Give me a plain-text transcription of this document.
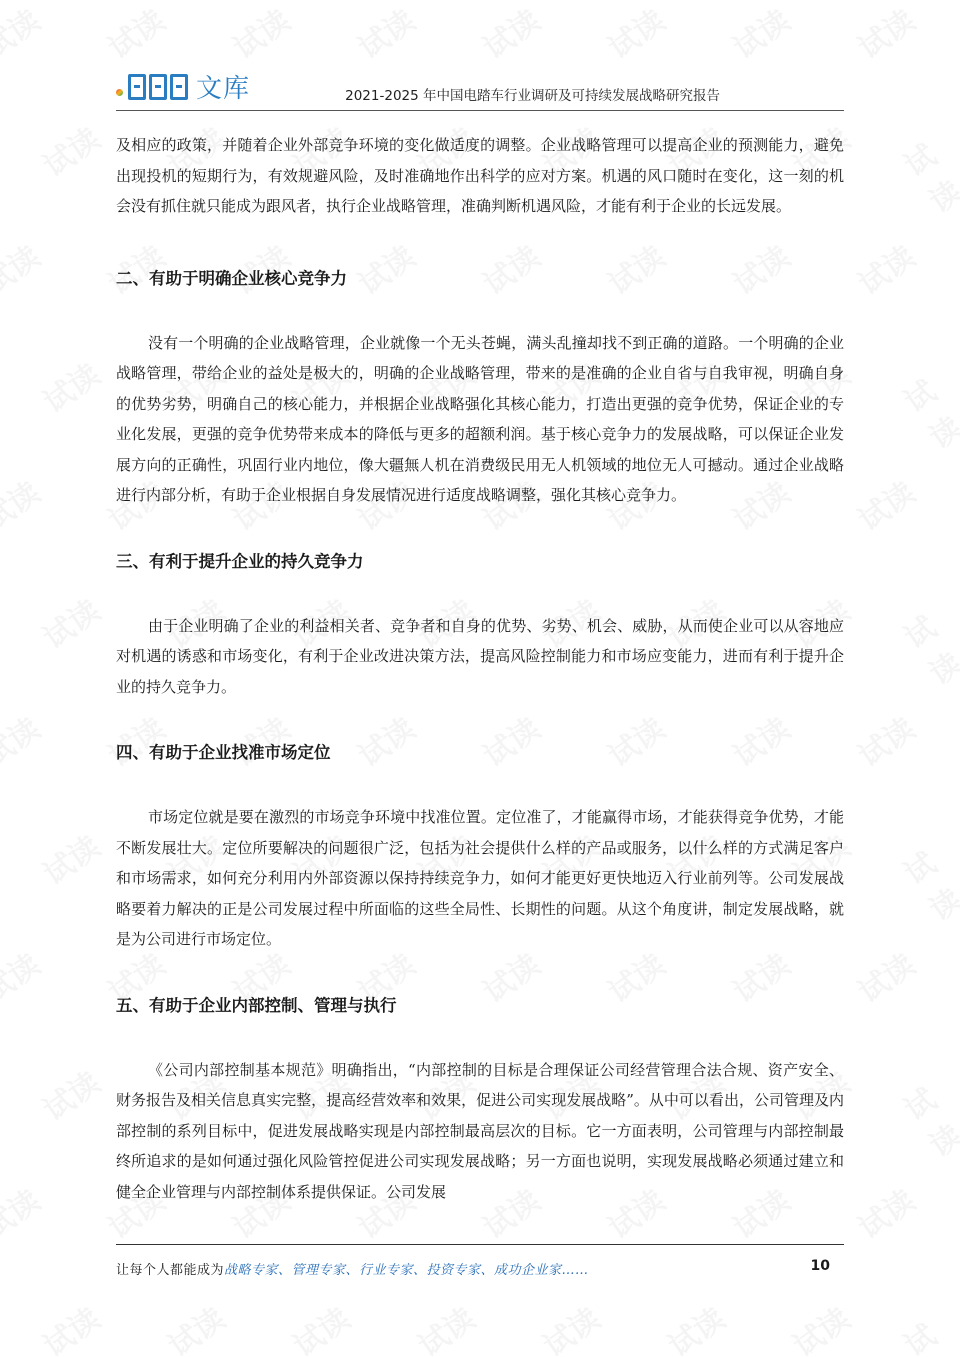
文库	2021-2025 年中国电踏车行业调研及可持续发展战略研究报告

及相应的政策，并随着企业外部竞争环境的变化做适度的调整。企业战略管理可以提高企业的预测能力，避免出现投机的短期行为，有效规避风险，及时准确地作出科学的应对方案。机遇的风口随时在变化，这一刻的机会没有抓住就只能成为跟风者，执行企业战略管理，准确判断机遇风险，才能有利于企业的长远发展。

二、有助于明确企业核心竞争力

没有一个明确的企业战略管理，企业就像一个无头苍蝇，满头乱撞却找不到正确的道路。一个明确的企业战略管理，带给企业的益处是极大的，明确的企业战略管理，带来的是准确的企业自省与自我审视，明确自身的优势劣势，明确自己的核心能力，并根据企业战略强化其核心能力，打造出更强的竞争优势，保证企业的专业化发展，更强的竞争优势带来成本的降低与更多的超额利润。基于核心竞争力的发展战略，可以保证企业发展方向的正确性，巩固行业内地位，像大疆無人机在消费级民用无人机领域的地位无人可撼动。通过企业战略进行内部分析，有助于企业根据自身发展情况进行适度战略调整，强化其核心竞争力。

三、有利于提升企业的持久竞争力

由于企业明确了企业的利益相关者、竞争者和自身的优势、劣势、机会、威胁，从而使企业可以从容地应对机遇的诱惑和市场变化，有利于企业改进决策方法，提高风险控制能力和市场应变能力，进而有利于提升企业的持久竞争力。

四、有助于企业找准市场定位

市场定位就是要在激烈的市场竞争环境中找准位置。定位准了，才能赢得市场，才能获得竞争优势，才能不断发展壮大。定位所要解决的问题很广泛，包括为社会提供什么样的产品或服务，以什么样的方式满足客户和市场需求，如何充分利用内外部资源以保持持续竞争力，如何才能更好更快地迈入行业前列等。公司发展战略要着力解决的正是公司发展过程中所面临的这些全局性、长期性的问题。从这个角度讲，制定发展战略，就是为公司进行市场定位。

五、有助于企业内部控制、管理与执行

《公司内部控制基本规范》明确指出，“内部控制的目标是合理保证公司经营管理合法合规、资产安全、财务报告及相关信息真实完整，提高经营效率和效果，促进公司实现发展战略”。从中可以看出，公司管理及内部控制的系列目标中，促进发展战略实现是内部控制最高层次的目标。它一方面表明，公司管理与内部控制最终所追求的是如何通过强化风险管控促进公司实现发展战略；另一方面也说明，实现发展战略必须通过建立和健全企业管理与内部控制体系提供保证。公司发展

让每个人都能成为战略专家、管理专家、行业专家、投资专家、成功企业家……	10
